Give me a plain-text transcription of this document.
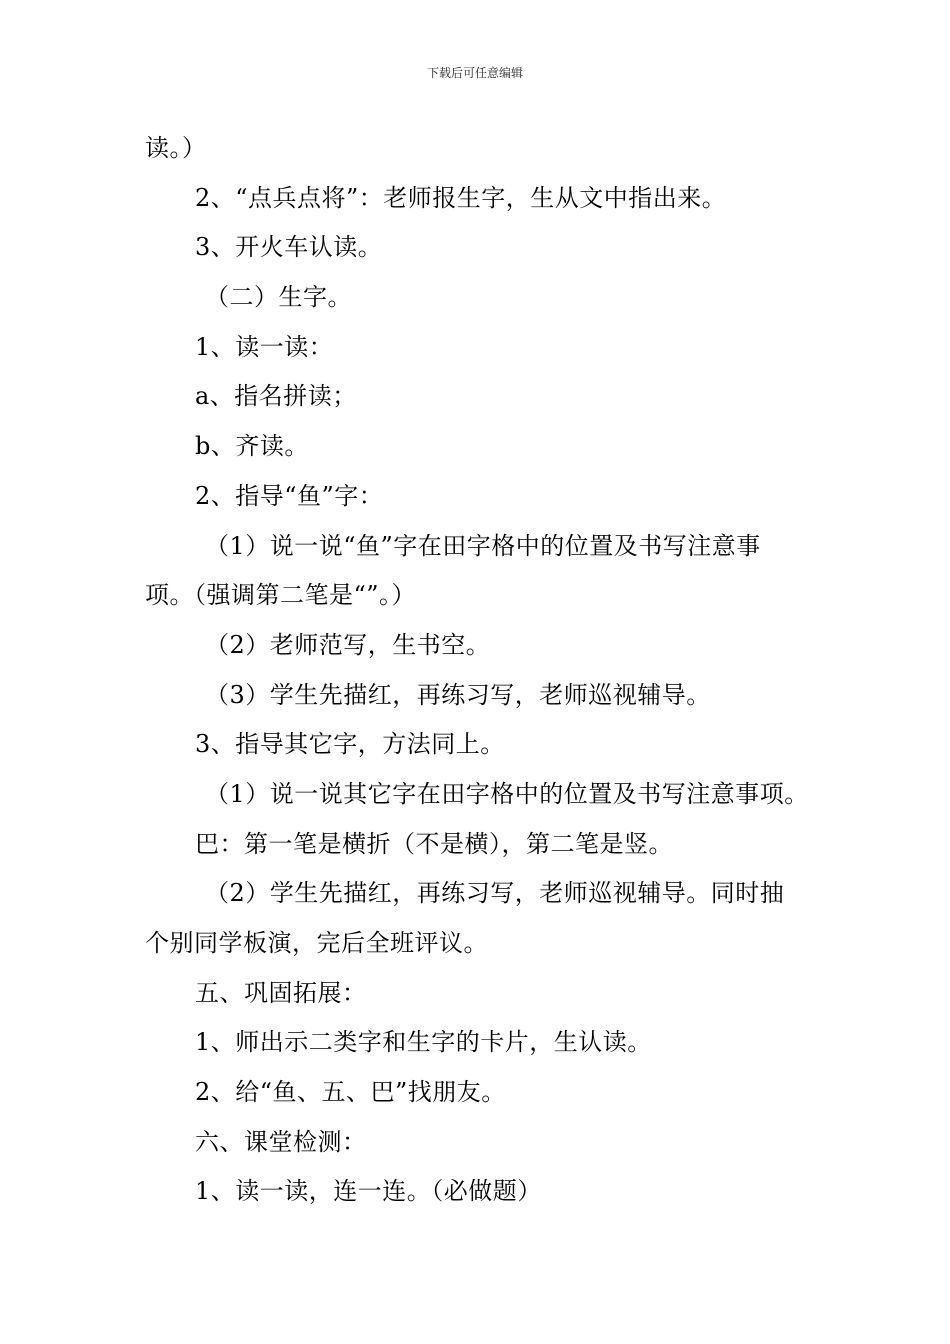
下载后可任意编辑
读。）
2、“点兵点将”：老师报生字，生从文中指出来。
3、开火车认读。
（二）生字。
1、读一读：
a、指名拼读；
b、齐读。
2、指导“鱼”字：
（1）说一说“鱼”字在田字格中的位置及书写注意事
项。（强调第二笔是“”。）
（2）老师范写，生书空。
（3）学生先描红，再练习写，老师巡视辅导。
3、指导其它字，方法同上。
（1）说一说其它字在田字格中的位置及书写注意事项。
巴：第一笔是横折（不是横），第二笔是竖。
（2）学生先描红，再练习写，老师巡视辅导。同时抽
个别同学板演，完后全班评议。
五、巩固拓展：
1、师出示二类字和生字的卡片，生认读。
2、给“鱼、五、巴”找朋友。
六、课堂检测：
1、读一读，连一连。（必做题）
